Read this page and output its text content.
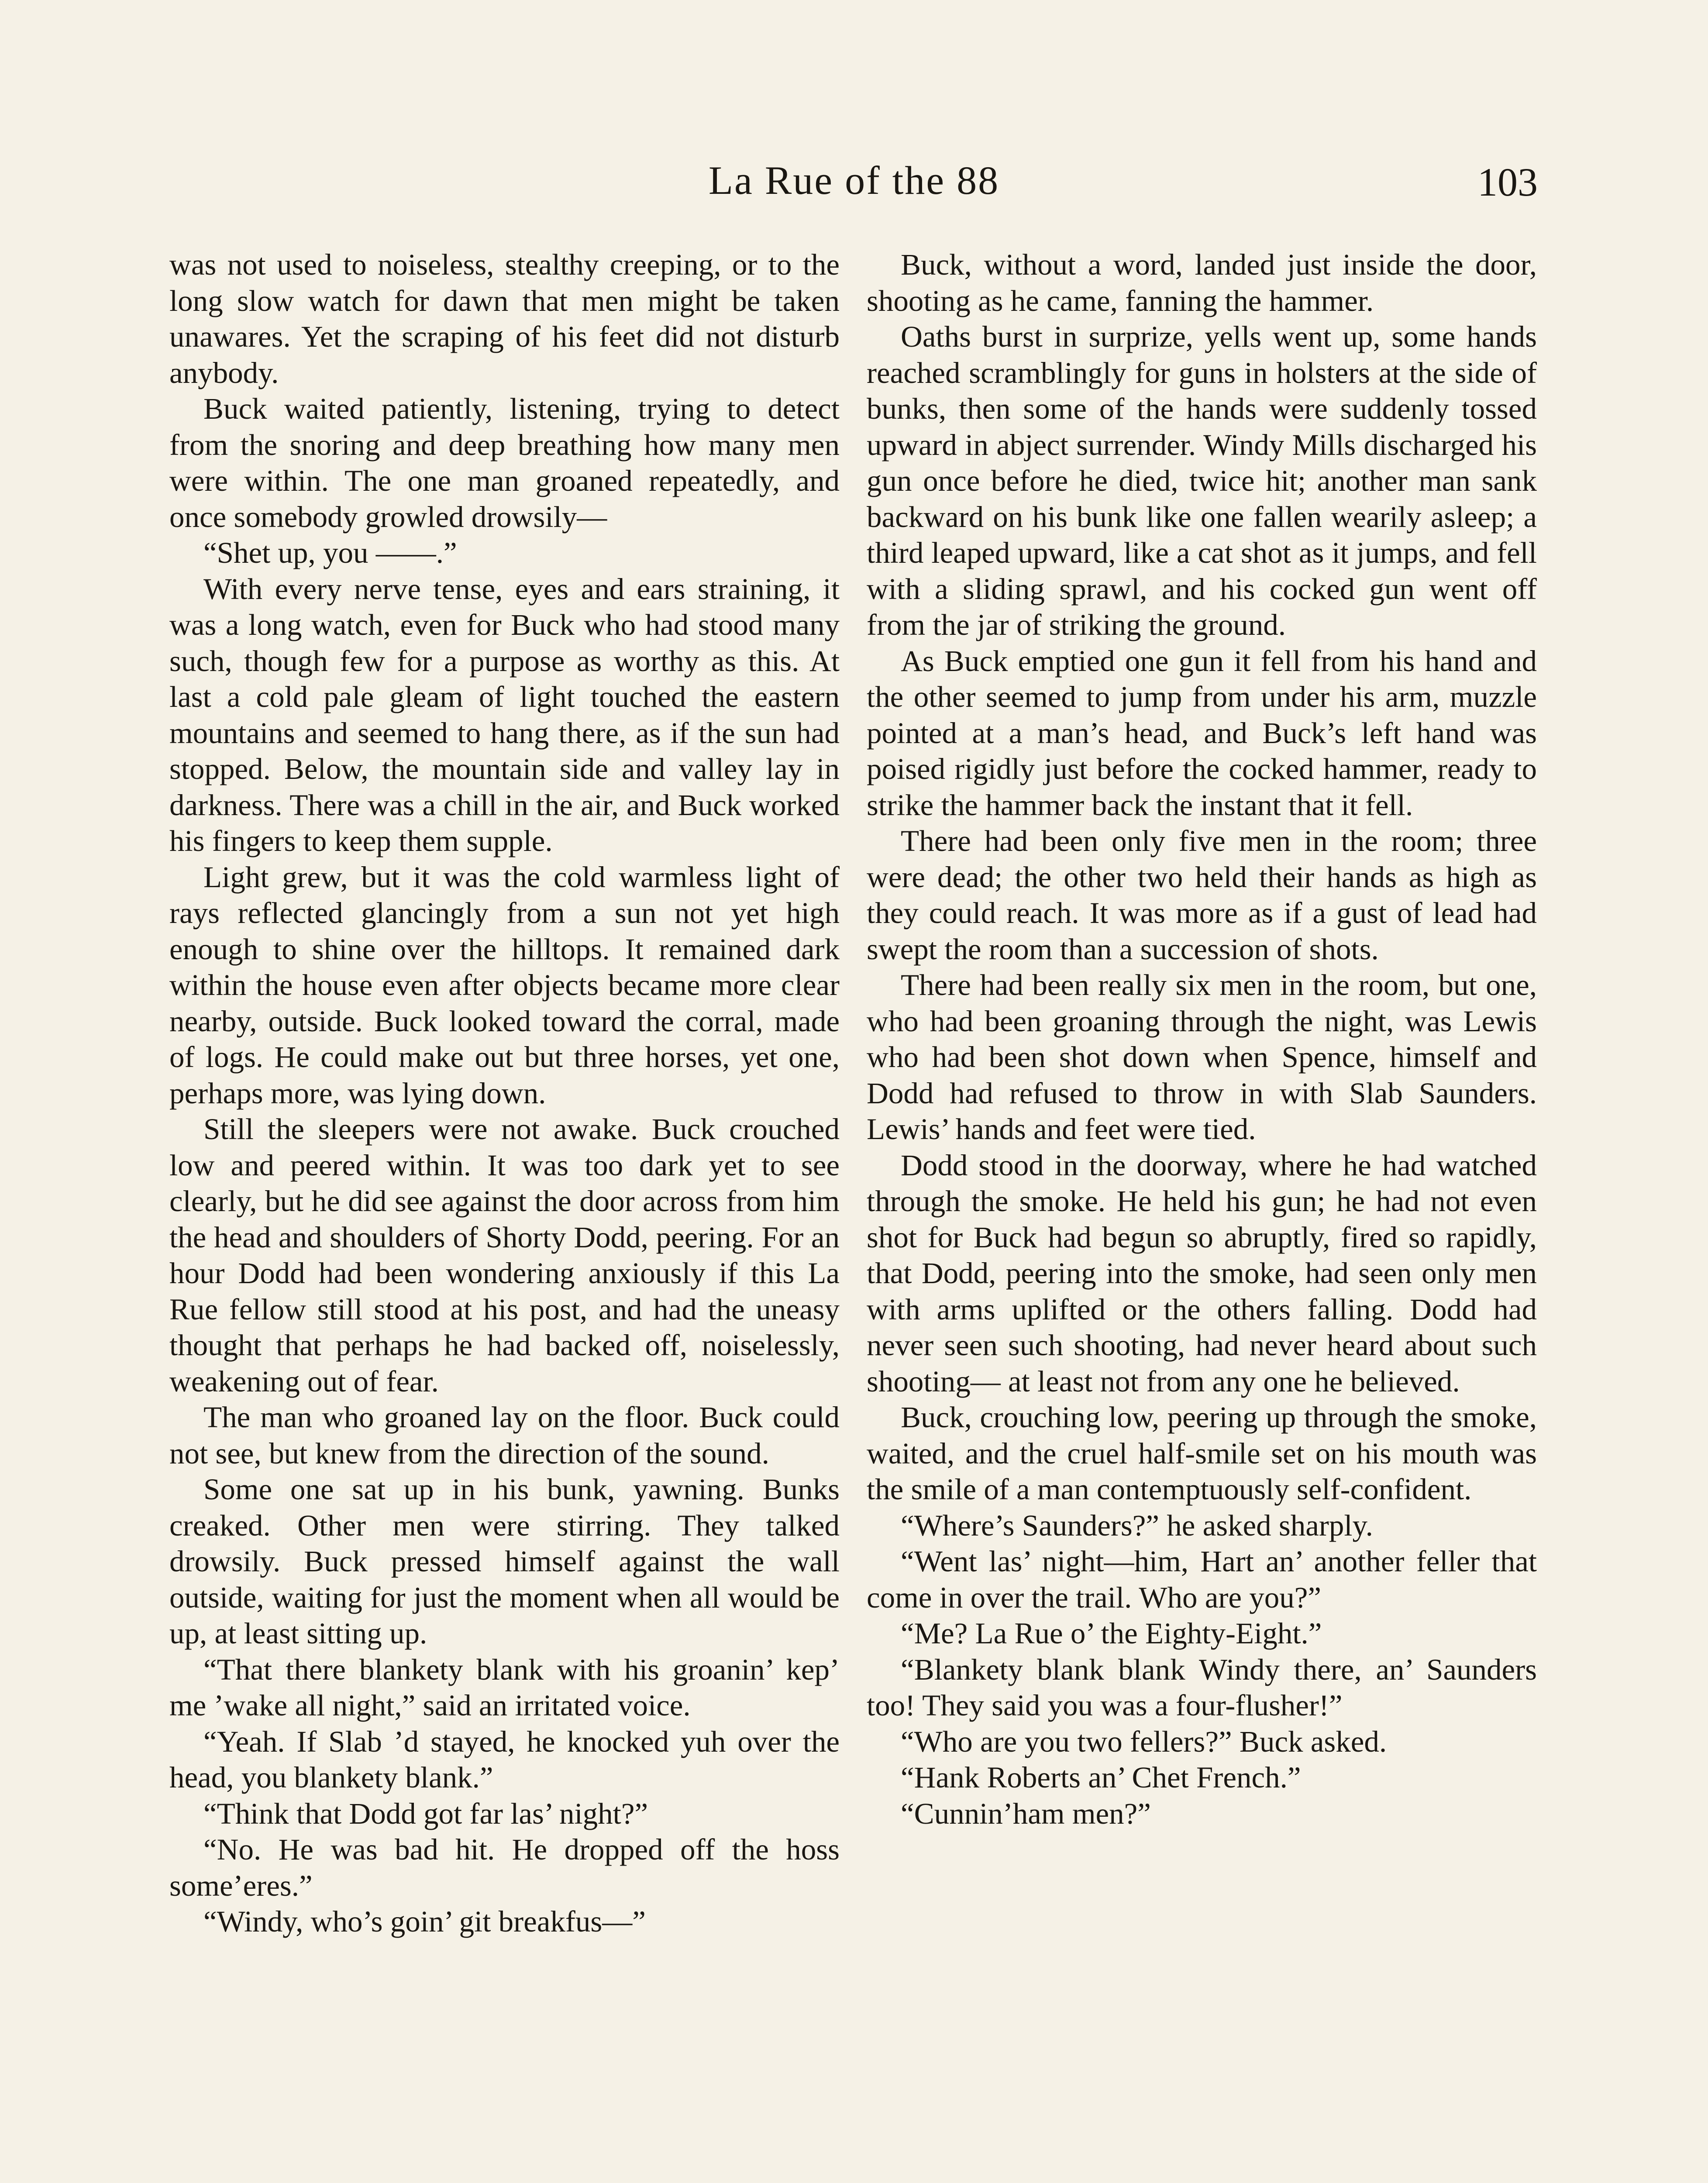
La Rue of the 88	103

was not used to noiseless, stealthy creeping, or to the long slow watch for dawn that men might be taken unawares. Yet the scraping of his feet did not disturb anybody.

Buck waited patiently, listening, trying to detect from the snoring and deep breathing how many men were within. The one man groaned repeatedly, and once somebody growled drowsily—

“Shet up, you ——.”

With every nerve tense, eyes and ears straining, it was a long watch, even for Buck who had stood many such, though few for a purpose as worthy as this. At last a cold pale gleam of light touched the eastern mountains and seemed to hang there, as if the sun had stopped. Below, the mountain side and valley lay in darkness. There was a chill in the air, and Buck worked his fingers to keep them supple.

Light grew, but it was the cold warmless light of rays reflected glancingly from a sun not yet high enough to shine over the hilltops. It remained dark within the house even after objects became more clear nearby, outside. Buck looked toward the corral, made of logs. He could make out but three horses, yet one, perhaps more, was lying down.

Still the sleepers were not awake. Buck crouched low and peered within. It was too dark yet to see clearly, but he did see against the door across from him the head and shoulders of Shorty Dodd, peering. For an hour Dodd had been wondering anxiously if this La Rue fellow still stood at his post, and had the uneasy thought that perhaps he had backed off, noiselessly, weakening out of fear.

The man who groaned lay on the floor. Buck could not see, but knew from the direction of the sound.

Some one sat up in his bunk, yawning. Bunks creaked. Other men were stirring. They talked drowsily. Buck pressed himself against the wall outside, waiting for just the moment when all would be up, at least sitting up.

“That there blankety blank with his groanin’ kep’ me ’wake all night,” said an irritated voice.

“Yeah. If Slab ’d stayed, he knocked yuh over the head, you blankety blank.”

“Think that Dodd got far las’ night?”

“No. He was bad hit. He dropped off the hoss some’eres.”

“Windy, who’s goin’ git breakfus—”

Buck, without a word, landed just inside the door, shooting as he came, fanning the hammer.

Oaths burst in surprize, yells went up, some hands reached scramblingly for guns in holsters at the side of bunks, then some of the hands were suddenly tossed upward in abject surrender. Windy Mills discharged his gun once before he died, twice hit; another man sank backward on his bunk like one fallen wearily asleep; a third leaped upward, like a cat shot as it jumps, and fell with a sliding sprawl, and his cocked gun went off from the jar of striking the ground.

As Buck emptied one gun it fell from his hand and the other seemed to jump from under his arm, muzzle pointed at a man’s head, and Buck’s left hand was poised rigidly just before the cocked hammer, ready to strike the hammer back the instant that it fell.

There had been only five men in the room; three were dead; the other two held their hands as high as they could reach. It was more as if a gust of lead had swept the room than a succession of shots.

There had been really six men in the room, but one, who had been groaning through the night, was Lewis who had been shot down when Spence, himself and Dodd had refused to throw in with Slab Saunders. Lewis’ hands and feet were tied.

Dodd stood in the doorway, where he had watched through the smoke. He held his gun; he had not even shot for Buck had begun so abruptly, fired so rapidly, that Dodd, peering into the smoke, had seen only men with arms uplifted or the others falling. Dodd had never seen such shooting, had never heard about such shooting— at least not from any one he believed.

Buck, crouching low, peering up through the smoke, waited, and the cruel half-smile set on his mouth was the smile of a man contemptuously self-confident.

“Where’s Saunders?” he asked sharply.

“Went las’ night—him, Hart an’ another feller that come in over the trail. Who are you?”

“Me? La Rue o’ the Eighty-Eight.”

“Blankety blank blank Windy there, an’ Saunders too! They said you was a four-flusher!”

“Who are you two fellers?” Buck asked.

“Hank Roberts an’ Chet French.”

“Cunnin’ham men?”
